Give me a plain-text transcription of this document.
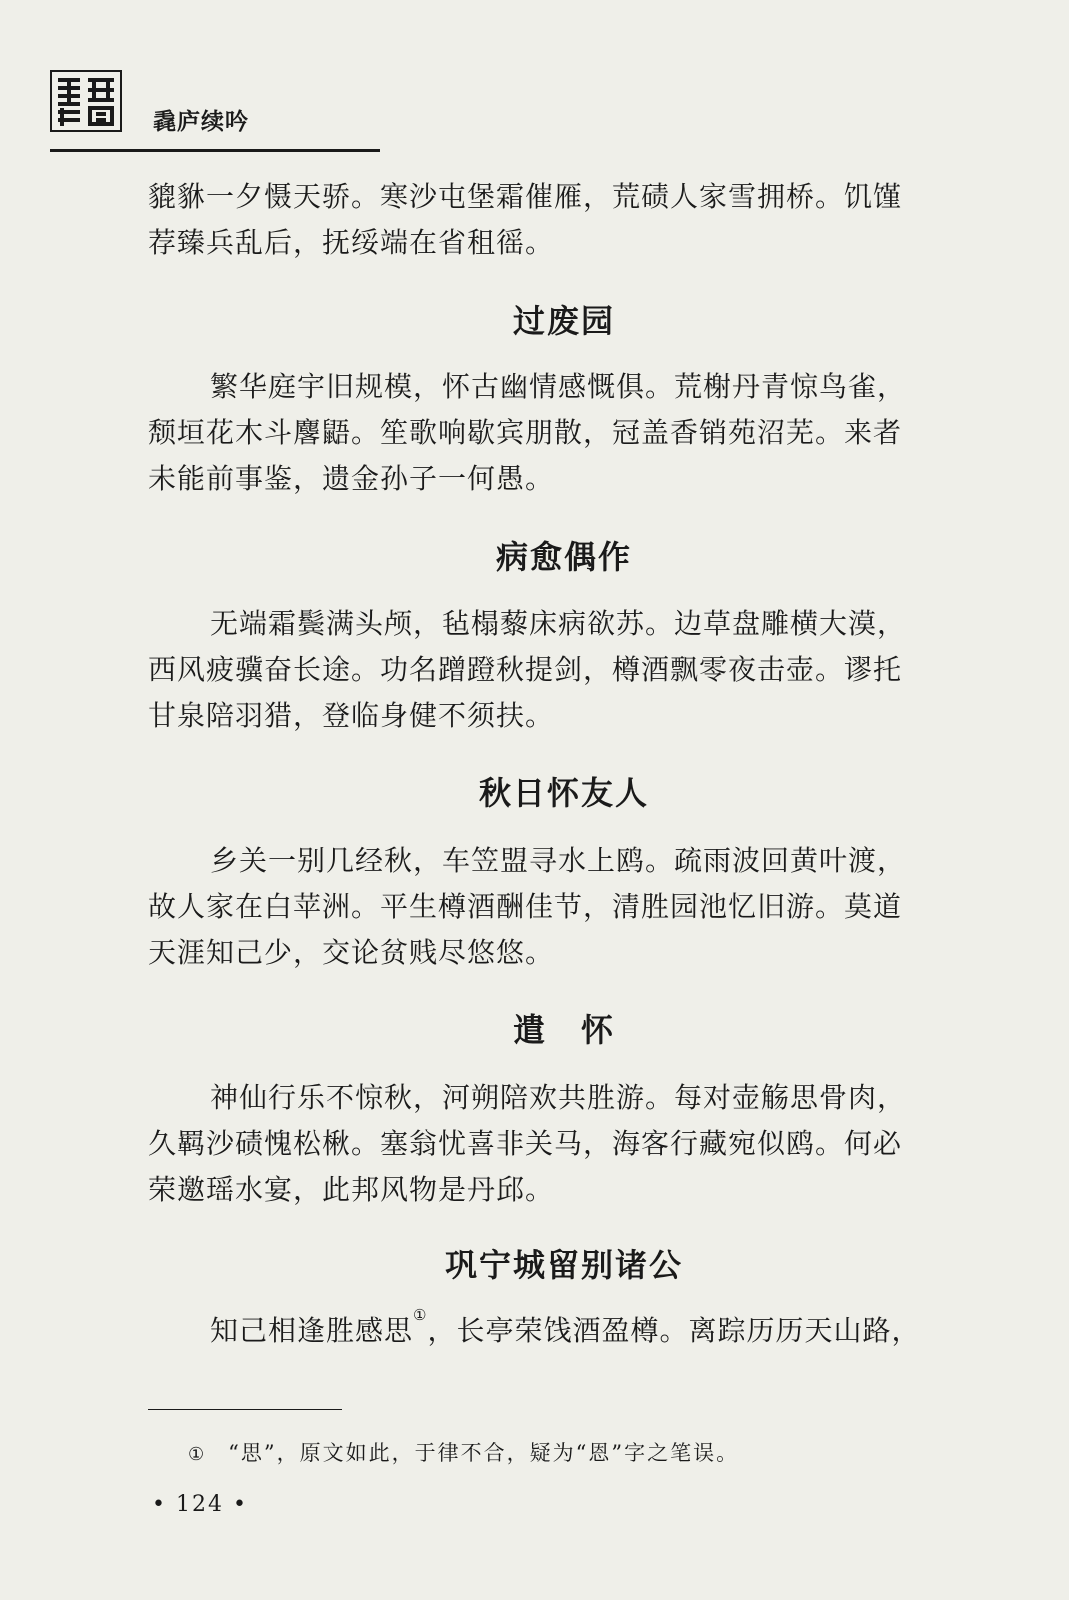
毳庐续吟
貔貅一夕慑天骄。寒沙屯堡霜催雁，荒碛人家雪拥桥。饥馑
荐臻兵乱后，抚绥端在省租徭。
过废园
繁华庭宇旧规模，怀古幽情感慨俱。荒榭丹青惊鸟雀，
颓垣花木斗麐鼯。笙歌响歇宾朋散，冠盖香销苑沼芜。来者
未能前事鉴，遗金孙子一何愚。
病愈偶作
无端霜鬓满头颅，毡榻藜床病欲苏。边草盘雕横大漠，
西风疲骥奋长途。功名蹭蹬秋提剑，樽酒飘零夜击壶。谬托
甘泉陪羽猎，登临身健不须扶。
秋日怀友人
乡关一别几经秋，车笠盟寻水上鸥。疏雨波回黄叶渡，
故人家在白苹洲。平生樽酒酬佳节，清胜园池忆旧游。莫道
天涯知己少，交论贫贱尽悠悠。
遣　怀
神仙行乐不惊秋，河朔陪欢共胜游。每对壶觞思骨肉，
久羁沙碛愧松楸。塞翁忧喜非关马，海客行藏宛似鸥。何必
荣邀瑶水宴，此邦风物是丹邱。
巩宁城留别诸公
知己相逢胜感思①，长亭荣饯酒盈樽。离踪历历天山路，
① “思”，原文如此，于律不合，疑为“恩”字之笔误。
• 124 •
